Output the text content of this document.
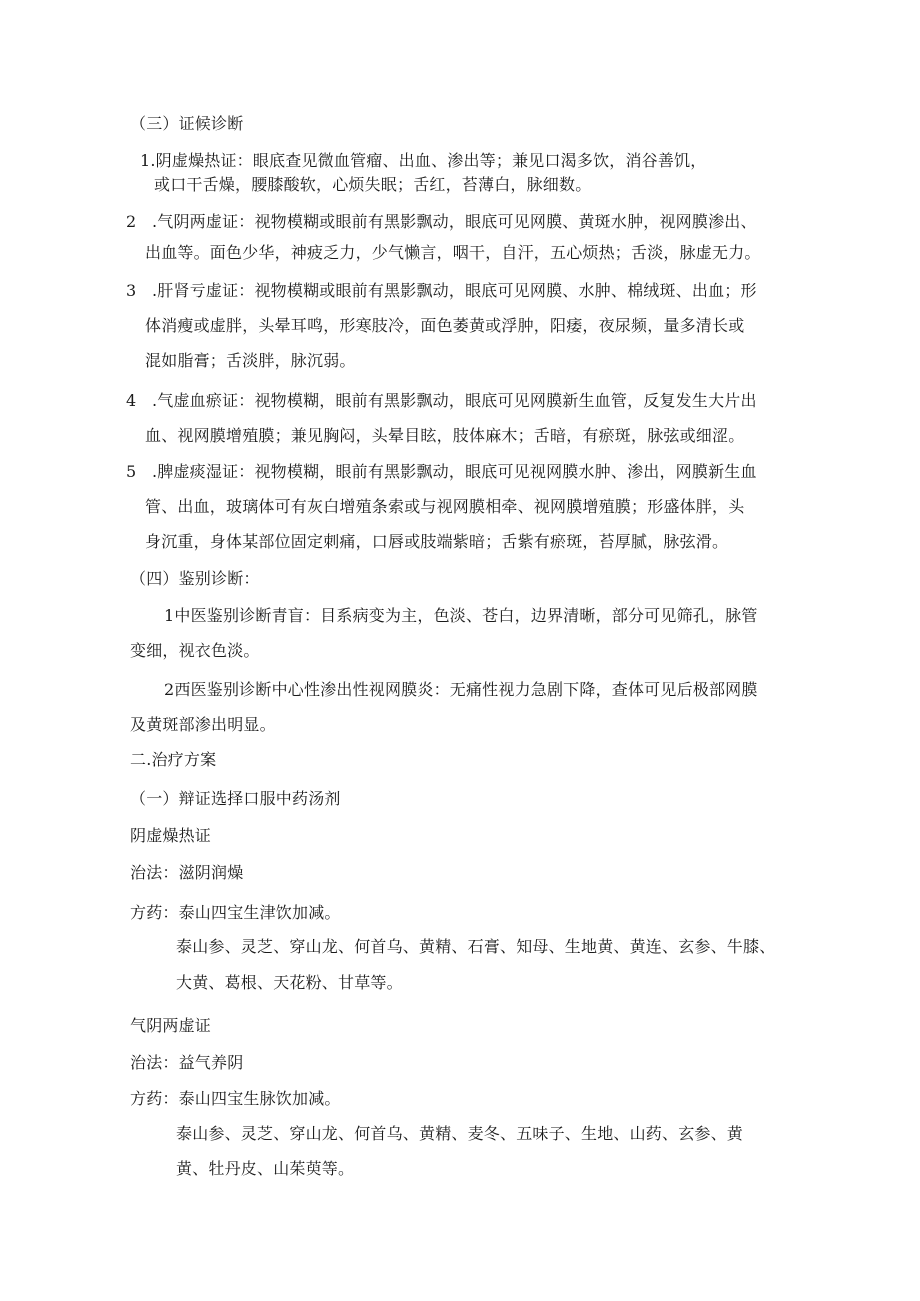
（三）证候诊断
1.阴虚燥热证：眼底查见微血管瘤、出血、渗出等；兼见口渴多饮，消谷善饥，
或口干舌燥，腰膝酸软，心烦失眠；舌红，苔薄白，脉细数。
2 .气阴两虚证：视物模糊或眼前有黑影飘动，眼底可见网膜、黄斑水肿，视网膜渗出、
出血等。面色少华，神疲乏力，少气懒言，咽干，自汗，五心烦热；舌淡，脉虚无力。
3 .肝肾亏虚证：视物模糊或眼前有黑影飘动，眼底可见网膜、水肿、棉绒斑、出血；形
体消瘦或虚胖，头晕耳鸣，形寒肢冷，面色萎黄或浮肿，阳痿，夜尿频，量多清长或
混如脂膏；舌淡胖，脉沉弱。
4 .气虚血瘀证：视物模糊，眼前有黑影飘动，眼底可见网膜新生血管，反复发生大片出
血、视网膜增殖膜；兼见胸闷，头晕目眩，肢体麻木；舌暗，有瘀斑，脉弦或细涩。
5 .脾虚痰湿证：视物模糊，眼前有黑影飘动，眼底可见视网膜水肿、渗出，网膜新生血
管、出血，玻璃体可有灰白增殖条索或与视网膜相牵、视网膜增殖膜；形盛体胖，头
身沉重，身体某部位固定刺痛，口唇或肢端紫暗；舌紫有瘀斑，苔厚腻，脉弦滑。
（四）鉴别诊断：
1中医鉴别诊断青盲：目系病变为主，色淡、苍白，边界清晰，部分可见筛孔，脉管
变细，视衣色淡。
2西医鉴别诊断中心性渗出性视网膜炎：无痛性视力急剧下降，查体可见后极部网膜
及黄斑部渗出明显。
二.治疗方案
（一）辩证选择口服中药汤剂
阴虚燥热证
治法：滋阴润燥
方药：泰山四宝生津饮加减。
泰山参、灵芝、穿山龙、何首乌、黄精、石膏、知母、生地黄、黄连、玄参、牛膝、
大黄、葛根、天花粉、甘草等。
气阴两虚证
治法：益气养阴
方药：泰山四宝生脉饮加减。
泰山参、灵芝、穿山龙、何首乌、黄精、麦冬、五味子、生地、山药、玄参、黄
黄、牡丹皮、山茱萸等。
